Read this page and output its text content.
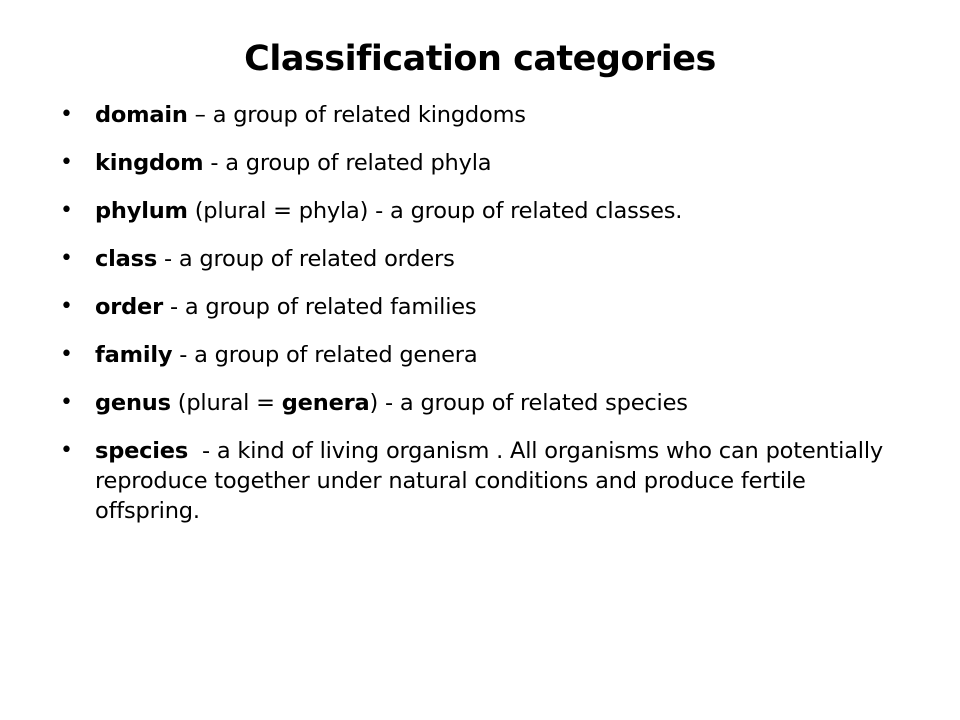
Classification categories
• domain – a group of related kingdoms
• kingdom - a group of related phyla
• phylum (plural = phyla) - a group of related classes.
• class - a group of related orders
• order - a group of related families
• family - a group of related genera
• genus (plural = genera) - a group of related species
• species  - a kind of living organism . All organisms who can potentially reproduce together under natural conditions and produce fertile offspring.
